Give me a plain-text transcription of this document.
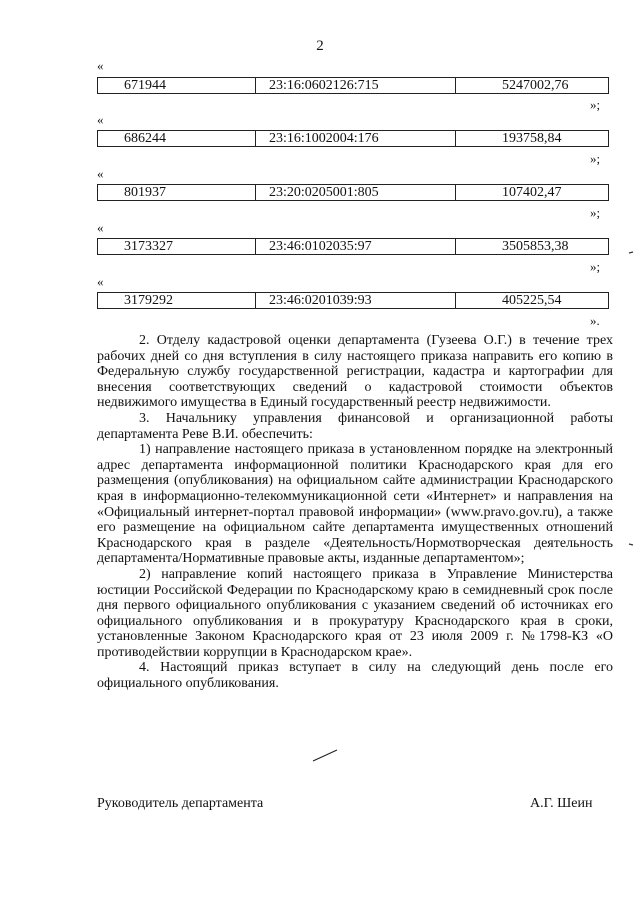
2
«
671944	23:16:0602126:715	5247002,76
»;
«
686244	23:16:1002004:176	193758,84
»;
«
801937	23:20:0205001:805	107402,47
»;
«
3173327	23:46:0102035:97	3505853,38
»;
«
3179292	23:46:0201039:93	405225,54
».

2. Отделу кадастровой оценки департамента (Гузеева О.Г.) в течение трех рабочих дней со дня вступления в силу настоящего приказа направить его копию в Федеральную службу государственной регистрации, кадастра и картографии для внесения соответствующих сведений о кадастровой стоимости объектов недвижимого имущества в Единый государственный реестр недвижимости.

3. Начальнику управления финансовой и организационной работы департамента Реве В.И. обеспечить:

1) направление настоящего приказа в установленном порядке на электронный адрес департамента информационной политики Краснодарского края для его размещения (опубликования) на официальном сайте администрации Краснодарского края в информационно-телекоммуникационной сети «Интернет» и направления на «Официальный интернет-портал правовой информации» (www.pravo.gov.ru), а также его размещение на официальном сайте департамента имущественных отношений Краснодарского края в разделе «Деятельность/Нормотворческая деятельность департамента/Нормативные правовые акты, изданные департаментом»;

2) направление копий настоящего приказа в Управление Министерства юстиции Российской Федерации по Краснодарскому краю в семидневный срок после дня первого официального опубликования с указанием сведений об источниках его официального опубликования и в прокуратуру Краснодарского края в сроки, установленные Законом Краснодарского края от 23 июля 2009 г. №1798-КЗ «О противодействии коррупции в Краснодарском крае».

4. Настоящий приказ вступает в силу на следующий день после его официального опубликования.

Руководитель департамента	А.Г. Шеин
